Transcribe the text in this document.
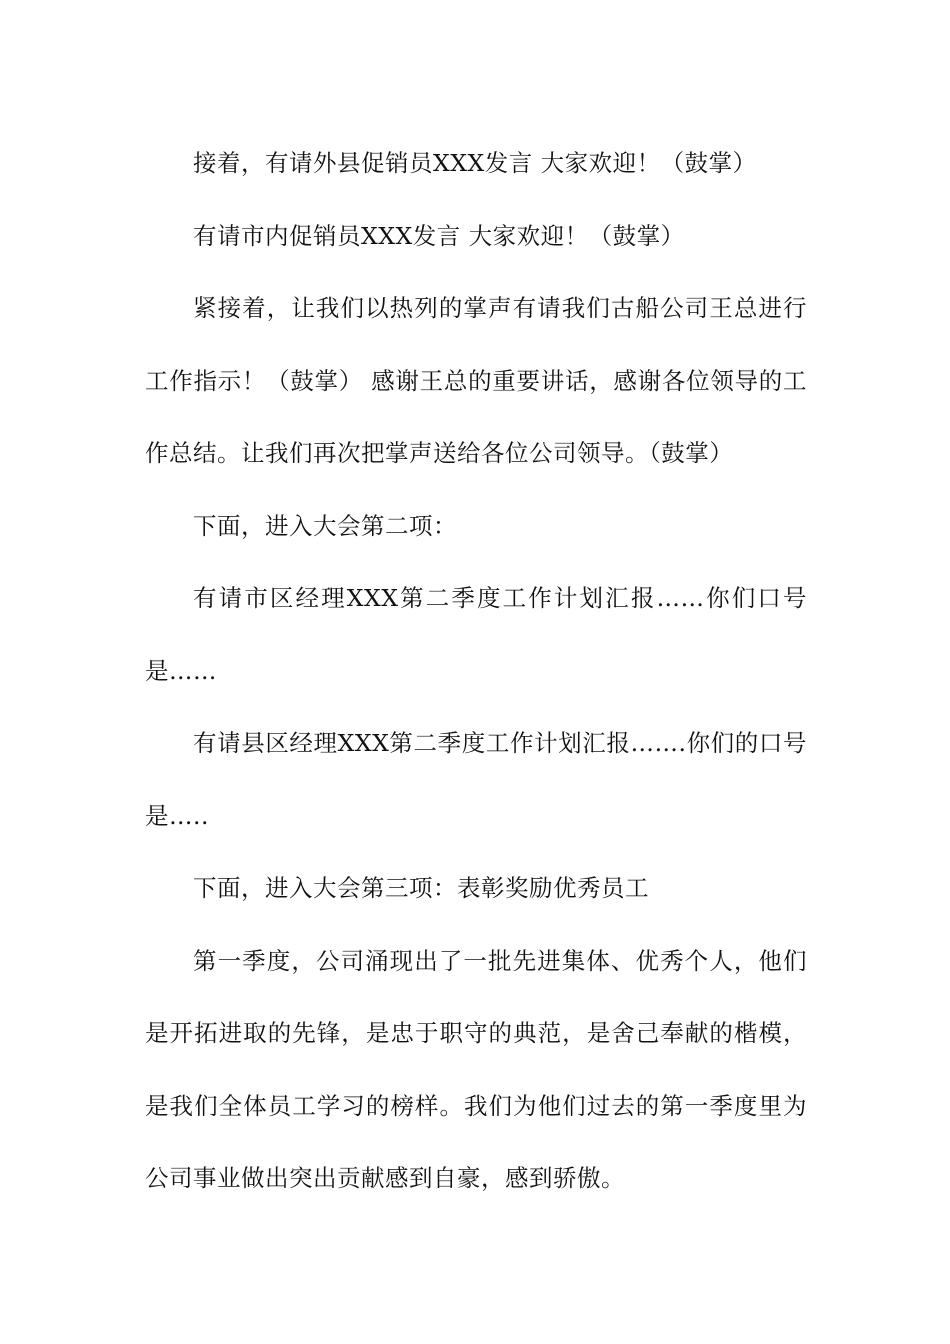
接着，有请外县促销员XXX发言 大家欢迎！（鼓掌）

有请市内促销员XXX发言 大家欢迎！（鼓掌）

紧接着，让我们以热列的掌声有请我们古船公司王总进行工作指示！（鼓掌） 感谢王总的重要讲话，感谢各位领导的工作总结。让我们再次把掌声送给各位公司领导。（鼓掌）

下面，进入大会第二项：

有请市区经理XXX第二季度工作计划汇报……你们口号是……

有请县区经理XXX第二季度工作计划汇报…….你们的口号是…..

下面，进入大会第三项：表彰奖励优秀员工

第一季度，公司涌现出了一批先进集体、优秀个人，他们是开拓进取的先锋，是忠于职守的典范，是舍己奉献的楷模，是我们全体员工学习的榜样。我们为他们过去的第一季度里为公司事业做出突出贡献感到自豪，感到骄傲。
